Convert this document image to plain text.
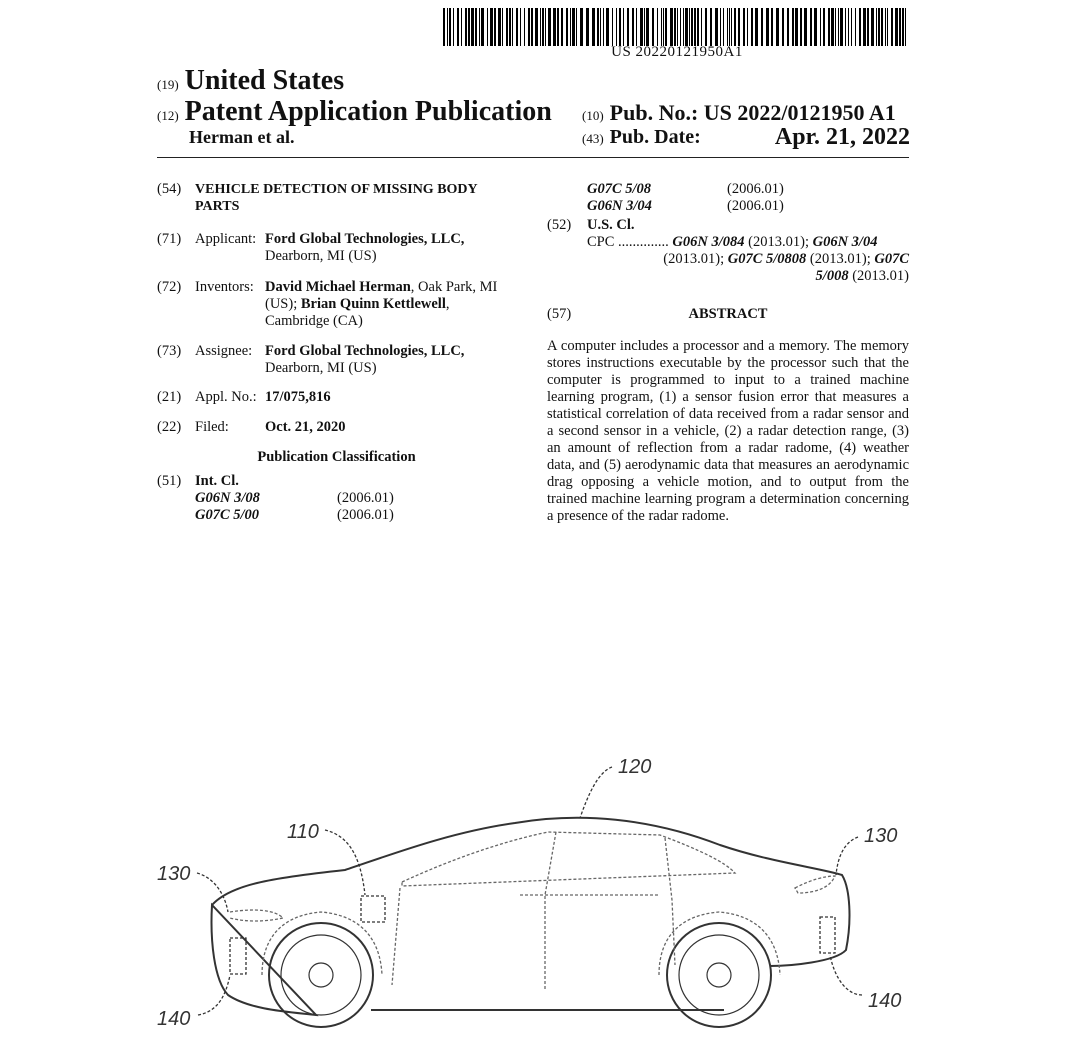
US 20220121950A1
(19) United States
(12) Patent Application Publication
Herman et al.
(10) Pub. No.: US 2022/0121950 A1
(43) Pub. Date:	Apr. 21, 2022
(54) VEHICLE DETECTION OF MISSING BODY
PARTS
(71) Applicant: Ford Global Technologies, LLC,
Dearborn, MI (US)
(72) Inventors: David Michael Herman, Oak Park, MI
(US); Brian Quinn Kettlewell,
Cambridge (CA)
(73) Assignee: Ford Global Technologies, LLC,
Dearborn, MI (US)
(21) Appl. No.: 17/075,816
(22) Filed: Oct. 21, 2020
Publication Classification
(51) Int. Cl.
G06N 3/08	(2006.01)
G07C 5/00	(2006.01)
G07C 5/08	(2006.01)
G06N 3/04	(2006.01)
(52) U.S. Cl.
CPC .............. G06N 3/084 (2013.01); G06N 3/04
(2013.01); G07C 5/0808 (2013.01); G07C
5/008 (2013.01)
(57)	ABSTRACT
A computer includes a processor and a memory. The memory stores instructions executable by the processor such that the computer is programmed to input to a trained machine learning program, (1) a sensor fusion error that measures a statistical correlation of data received from a radar sensor and a second sensor in a vehicle, (2) a radar detection range, (3) an amount of reflection from a radar radome, (4) weather data, and (5) aerodynamic data that measures an aerodynamic drag opposing a vehicle motion, and to output from the trained machine learning program a determination concerning a presence of the radar radome.
120
110
130
130
140
140
